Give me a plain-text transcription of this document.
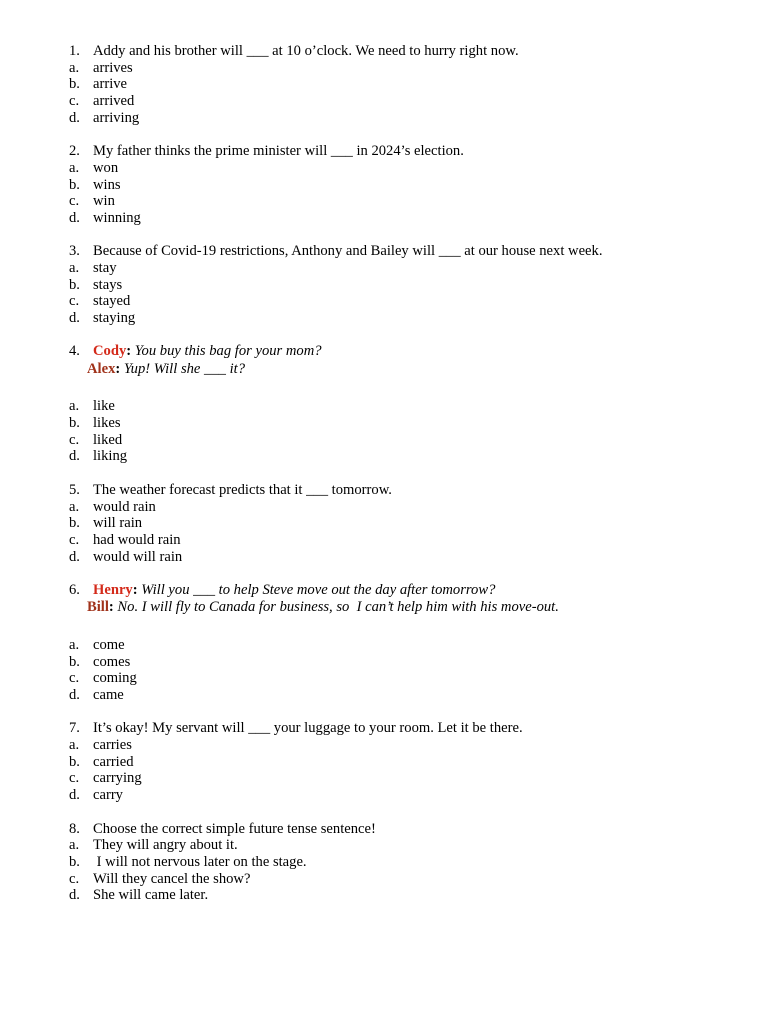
1. Addy and his brother will ___ at 10 o’clock. We need to hurry right now.
a. arrives
b. arrive
c. arrived
d. arriving
2. My father thinks the prime minister will ___ in 2024’s election.
a. won
b. wins
c. win
d. winning
3. Because of Covid-19 restrictions, Anthony and Bailey will ___ at our house next week.
a. stay
b. stays
c. stayed
d. staying
4. Cody: You buy this bag for your mom?
Alex: Yup! Will she ___ it?
a. like
b. likes
c. liked
d. liking
5. The weather forecast predicts that it ___ tomorrow.
a. would rain
b. will rain
c. had would rain
d. would will rain
6. Henry: Will you ___ to help Steve move out the day after tomorrow?
Bill: No. I will fly to Canada for business, so  I can’t help him with his move-out.
a. come
b. comes
c. coming
d. came
7. It’s okay! My servant will ___ your luggage to your room. Let it be there.
a. carries
b. carried
c. carrying
d. carry
8. Choose the correct simple future tense sentence!
a. They will angry about it.
b. I will not nervous later on the stage.
c. Will they cancel the show?
d. She will came later.
